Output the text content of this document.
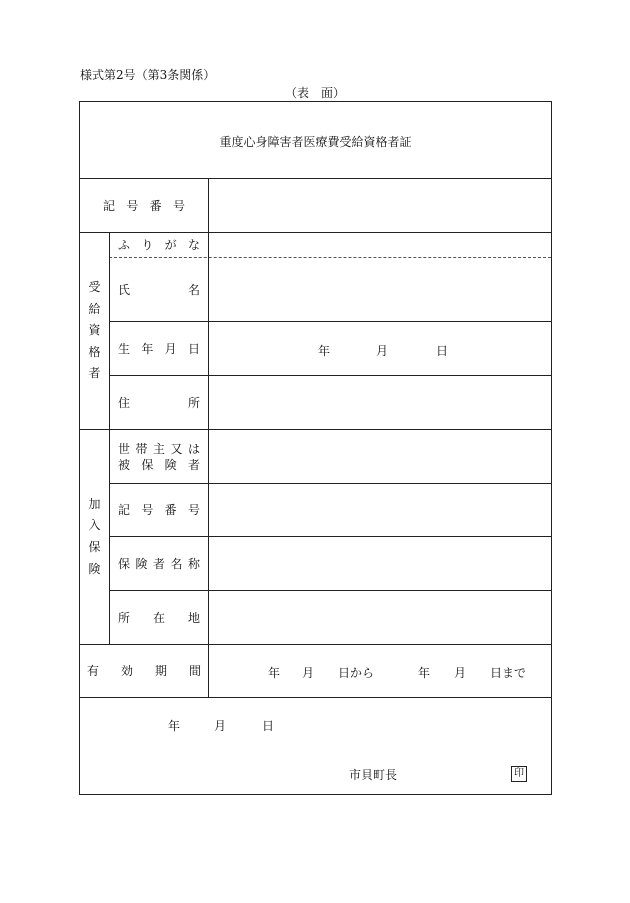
様式第2号（第3条関係）
（表　面）
重度心身障害者医療費受給資格者証
記 号 番 号
受
給
資
格
者
ふ り が な
氏	名
生 年 月 日	年	月	日
住	所
加
入
保
険
世 帯 主 又 は
被 保 険 者
記 号 番 号
保 険 者 名 称
所 在 地
有 効 期 間	年 月 日から	年 月 日まで
年	月	日
市貝町長	印
